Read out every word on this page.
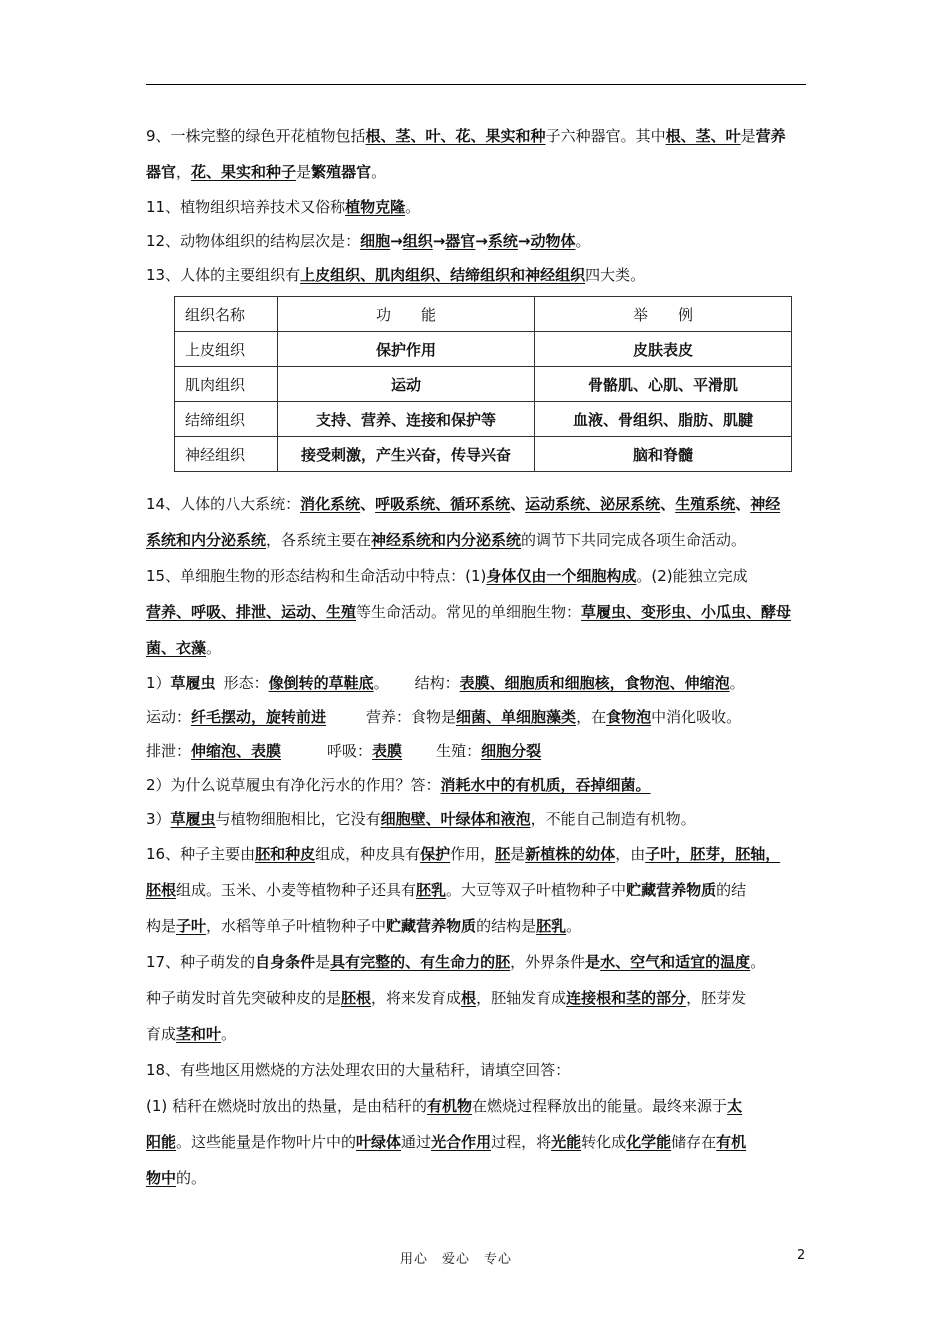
9、一株完整的绿色开花植物包括根、茎、叶、花、果实和种子六种器官。其中根、茎、叶是营养
器官，花、果实和种子是繁殖器官。
11、植物组织培养技术又俗称植物克隆。
12、动物体组织的结构层次是：细胞→组织→器官→系统→动物体。
13、人体的主要组织有上皮组织、肌肉组织、结缔组织和神经组织四大类。
组织名称	功　　能	举　　例
上皮组织	保护作用	皮肤表皮
肌肉组织	运动	骨骼肌、心肌、平滑肌
结缔组织	支持、营养、连接和保护等	血液、骨组织、脂肪、肌腱
神经组织	接受刺激，产生兴奋，传导兴奋	脑和脊髓
14、人体的八大系统：消化系统、呼吸系统、循环系统、运动系统、泌尿系统、生殖系统、神经
系统和内分泌系统，各系统主要在神经系统和内分泌系统的调节下共同完成各项生命活动。
15、单细胞生物的形态结构和生命活动中特点：(1)身体仅由一个细胞构成。(2)能独立完成
营养、呼吸、排泄、运动、生殖等生命活动。常见的单细胞生物：草履虫、变形虫、小瓜虫、酵母
菌、衣藻。
1）草履虫 形态：像倒转的草鞋底。 结构：表膜、细胞质和细胞核，食物泡、伸缩泡。
运动：纤毛摆动，旋转前进	营养：食物是细菌、单细胞藻类，在食物泡中消化吸收。
排泄：伸缩泡、表膜	呼吸：表膜 生殖：细胞分裂
2）为什么说草履虫有净化污水的作用？答：消耗水中的有机质，吞掉细菌。
3）草履虫与植物细胞相比，它没有细胞壁、叶绿体和液泡，不能自己制造有机物。
16、种子主要由胚和种皮组成，种皮具有保护作用，胚是新植株的幼体，由子叶，胚芽，胚轴，
胚根组成。玉米、小麦等植物种子还具有胚乳。大豆等双子叶植物种子中贮藏营养物质的结
构是子叶，水稻等单子叶植物种子中贮藏营养物质的结构是胚乳。
17、种子萌发的自身条件是具有完整的、有生命力的胚，外界条件是水、空气和适宜的温度。
种子萌发时首先突破种皮的是胚根，将来发育成根，胚轴发育成连接根和茎的部分，胚芽发
育成茎和叶。
18、有些地区用燃烧的方法处理农田的大量秸秆，请填空回答：
(1) 秸秆在燃烧时放出的热量，是由秸秆的有机物在燃烧过程释放出的能量。最终来源于太
阳能。这些能量是作物叶片中的叶绿体通过光合作用过程，将光能转化成化学能储存在有机
物中的。
用心　爱心　专心	2
